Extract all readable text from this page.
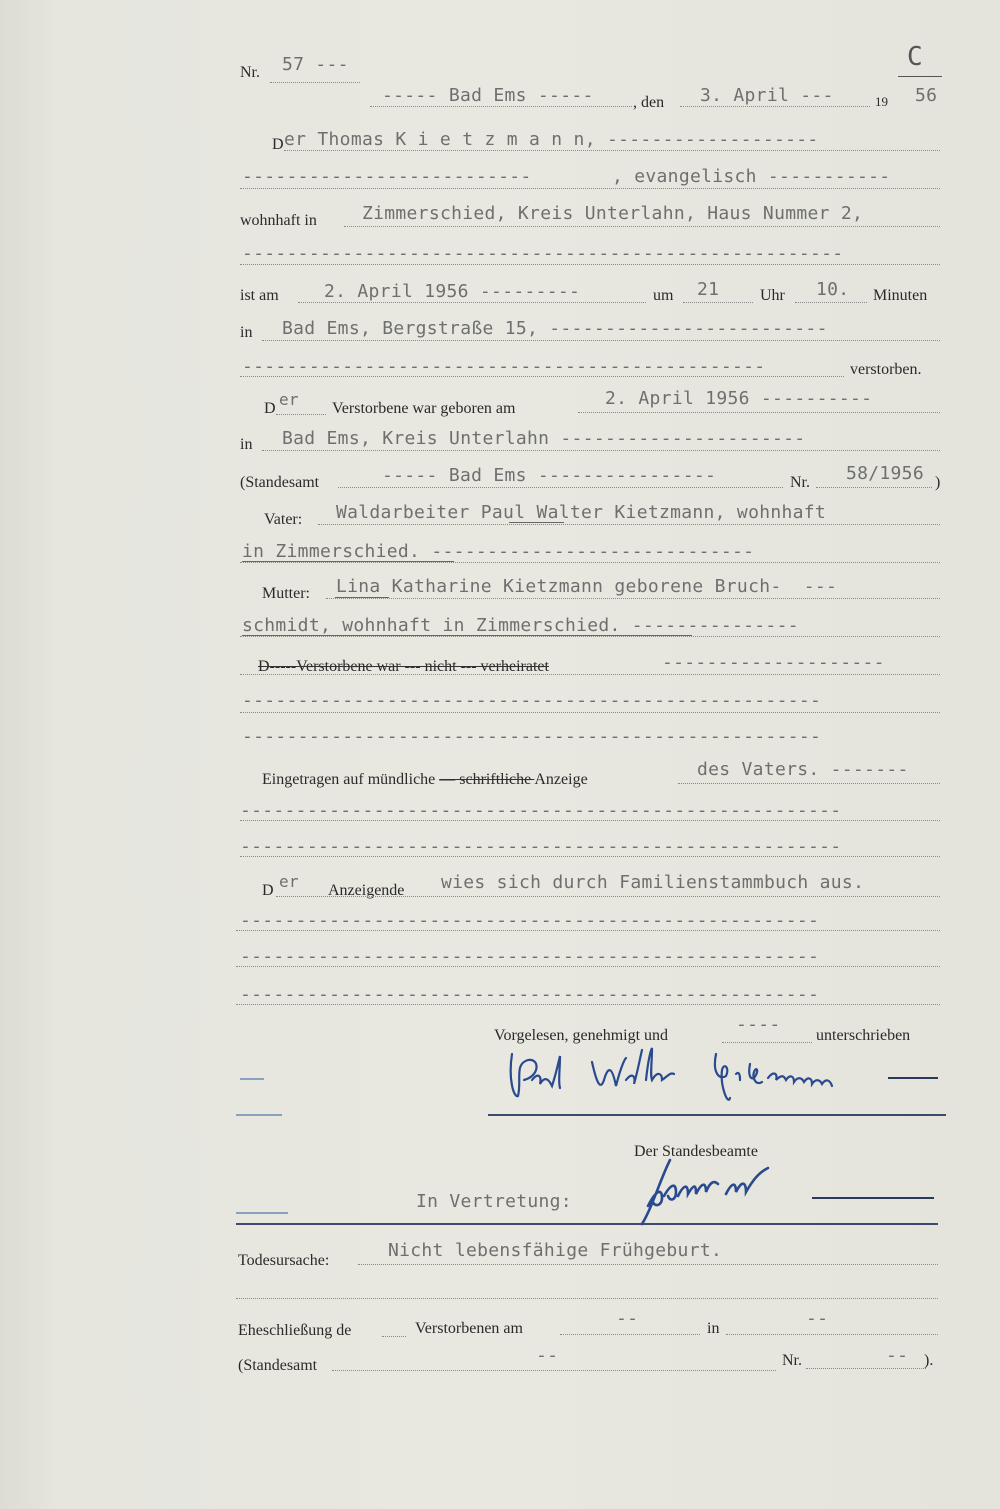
Nr. 57 ---	C
----- Bad Ems ----- , den 3. April ---	19 56
D er Thomas K i e t z m a n n, -------------------
--------------------------	, evangelisch -----------
wohnhaft in	Zimmerschied, Kreis Unterlahn, Haus Nummer 2,
------------------------------------------------------
ist am	2. April 1956 ---------	um 21	Uhr 10. Minuten
in Bad Ems, Bergstraße 15, -------------------------
-----------------------------------------------	verstorben.
D er Verstorbene war geboren am	2. April 1956 ----------
in Bad Ems, Kreis Unterlahn ----------------------
(Standesamt	----- Bad Ems ----------------	Nr. 58/1956 )
Vater: Waldarbeiter Paul Walter Kietzmann, wohnhaft
in Zimmerschied. -----------------------------
Mutter: Lina Katharine Kietzmann geborene Bruch-  ---
schmidt, wohnhaft in Zimmerschied. ---------------
D-----Verstorbene war --- nicht --- verheiratet	--------------------
----------------------------------------------------
----------------------------------------------------
Eingetragen auf mündliche — schriftliche Anzeige	des Vaters. -------
------------------------------------------------------
------------------------------------------------------
D er Anzeigende wies sich durch Familienstammbuch aus.
----------------------------------------------------
----------------------------------------------------
----------------------------------------------------
Vorgelesen, genehmigt und
----
unterschrieben
Der Standesbeamte
In Vertretung:
Todesursache:	Nicht lebensfähige Frühgeburt.
Eheschließung de	Verstorbenen am	--	in	--
(Standesamt	--	Nr.	-- ).
